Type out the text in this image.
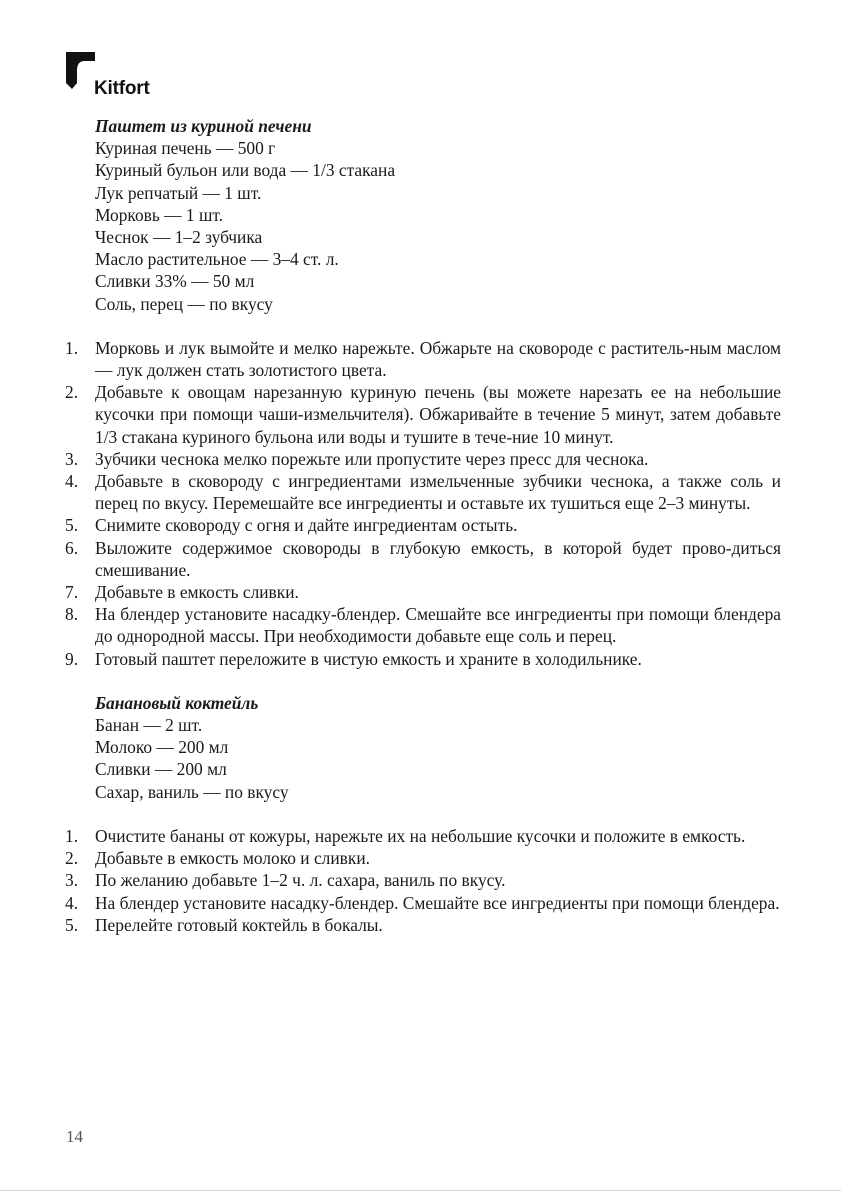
Kitfort
Паштет из куриной печени
Куриная печень — 500 г
Куриный бульон или вода — 1/3 стакана
Лук репчатый — 1 шт.
Морковь — 1 шт.
Чеснок — 1–2 зубчика
Масло растительное — 3–4 ст. л.
Сливки 33% — 50 мл
Соль, перец — по вкусу
1. Морковь и лук вымойте и мелко нарежьте. Обжарьте на сковороде с раститель-ным маслом — лук должен стать золотистого цвета.
2. Добавьте к овощам нарезанную куриную печень (вы можете нарезать ее на небольшие кусочки при помощи чаши-измельчителя). Обжаривайте в течение 5 минут, затем добавьте 1/3 стакана куриного бульона или воды и тушите в тече-ние 10 минут.
3. Зубчики чеснока мелко порежьте или пропустите через пресс для чеснока.
4. Добавьте в сковороду с ингредиентами измельченные зубчики чеснока, а также соль и перец по вкусу. Перемешайте все ингредиенты и оставьте их тушиться еще 2–3 минуты.
5. Снимите сковороду с огня и дайте ингредиентам остыть.
6. Выложите содержимое сковороды в глубокую емкость, в которой будет прово-диться смешивание.
7. Добавьте в емкость сливки.
8. На блендер установите насадку-блендер. Смешайте все ингредиенты при помощи блендера до однородной массы. При необходимости добавьте еще соль и перец.
9. Готовый паштет переложите в чистую емкость и храните в холодильнике.
Банановый коктейль
Банан — 2 шт.
Молоко — 200 мл
Сливки — 200 мл
Сахар, ваниль — по вкусу
1. Очистите бананы от кожуры, нарежьте их на небольшие кусочки и положите в емкость.
2. Добавьте в емкость молоко и сливки.
3. По желанию добавьте 1–2 ч. л. сахара, ваниль по вкусу.
4. На блендер установите насадку-блендер. Смешайте все ингредиенты при помощи блендера.
5. Перелейте готовый коктейль в бокалы.
14
